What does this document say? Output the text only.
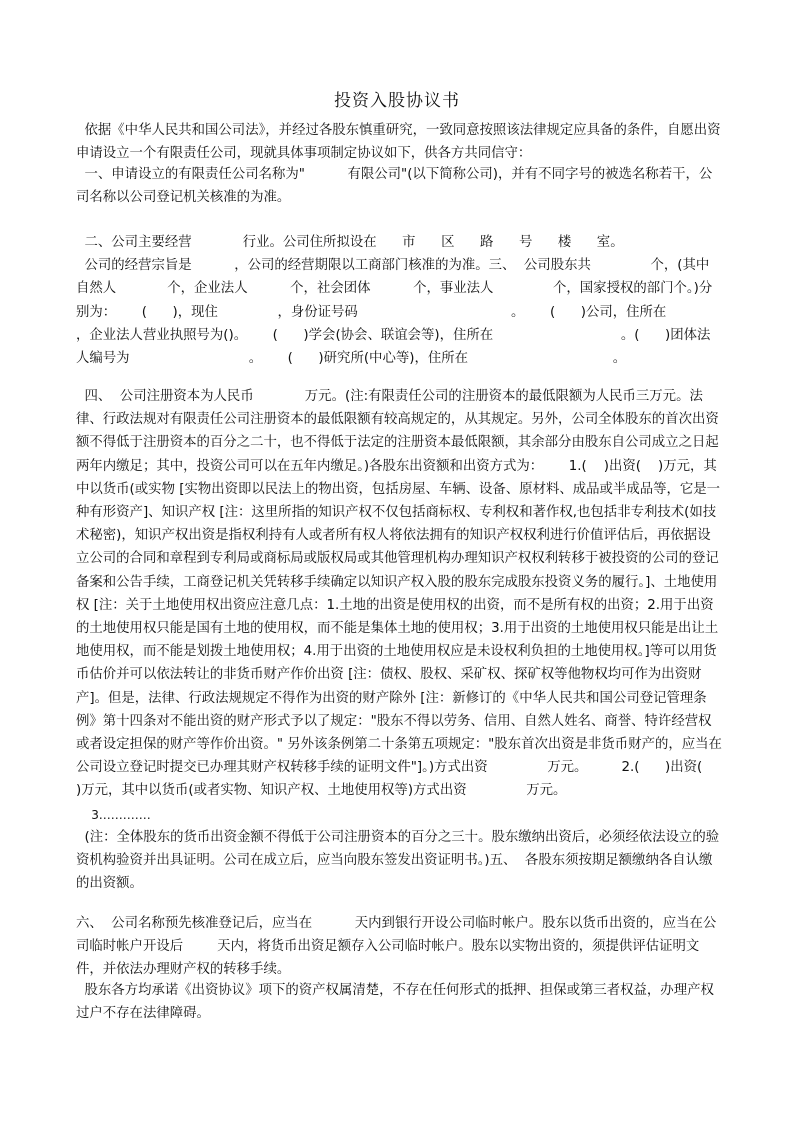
投资入股协议书

依据《中华人民共和国公司法》，并经过各股东慎重研究，一致同意按照该法律规定应具备的条件，自愿出资申请设立一个有限责任公司，现就具体事项制定协议如下，供各方共同信守：

一、申请设立的有限责任公司名称为"          有限公司"(以下简称公司)，并有不同字号的被选名称若干，公司名称以公司登记机关核准的为准。

二、公司主要经营            行业。公司住所拟设在      市      区      路      号      楼      室。
公司的经营宗旨是          ，公司的经营期限以工商部门核准的为准。三、  公司股东共              个，(其中自然人            个，企业法人          个，社会团体          个，事业法人              个，国家授权的部门个。)分别为：      (      )，现住              ，身份证号码                                    。      (      )公司，住所在              ，企业法人营业执照号为()。      (      )学会(协会、联谊会等)，住所在                              。(      )团体法人编号为                            。      (      )研究所(中心等)，住所在                                  。

四、  公司注册资本为人民币            万元。(注:有限责任公司的注册资本的最低限额为人民币三万元。法律、行政法规对有限责任公司注册资本的最低限额有较高规定的，从其规定。另外，公司全体股东的首次出资额不得低于注册资本的百分之二十，也不得低于法定的注册资本最低限额，其余部分由股东自公司成立之日起两年内缴足；其中，投资公司可以在五年内缴足。)各股东出资额和出资方式为：      1.(    )出资(    )万元，其中以货币(或实物 [实物出资即以民法上的物出资，包括房屋、车辆、设备、原材料、成品或半成品等，它是一种有形资产]、知识产权 [注：这里所指的知识产权不仅包括商标权、专利权和著作权,也包括非专利技术(如技术秘密)，知识产权出资是指权利持有人或者所有权人将依法拥有的知识产权权利进行价值评估后，再依据设立公司的合同和章程到专利局或商标局或版权局或其他管理机构办理知识产权权利转移于被投资的公司的登记备案和公告手续，工商登记机关凭转移手续确定以知识产权入股的股东完成股东投资义务的履行。]、土地使用权 [注：关于土地使用权出资应注意几点：1.土地的出资是使用权的出资，而不是所有权的出资；2.用于出资的土地使用权只能是国有土地的使用权，而不能是集体土地的使用权；3.用于出资的土地使用权只能是出让土地使用权，而不能是划拨土地使用权；4.用于出资的土地使用权应是未设权利负担的土地使用权。]等可以用货币估价并可以依法转让的非货币财产作价出资 [注：债权、股权、采矿权、探矿权等他物权均可作为出资财产]。但是，法律、行政法规规定不得作为出资的财产除外 [注：新修订的《中华人民共和国公司登记管理条例》第十四条对不能出资的财产形式予以了规定："股东不得以劳务、信用、自然人姓名、商誉、特许经营权或者设定担保的财产等作价出资。" 另外该条例第二十条第五项规定："股东首次出资是非货币财产的，应当在公司设立登记时提交已办理其财产权转移手续的证明文件"]。)方式出资              万元。        2.(      )出资(    )万元，其中以货币(或者实物、知识产权、土地使用权等)方式出资              万元。

3.…………

(注：全体股东的货币出资金额不得低于公司注册资本的百分之三十。股东缴纳出资后，必须经依法设立的验资机构验资并出具证明。公司在成立后，应当向股东签发出资证明书。)五、  各股东须按期足额缴纳各自认缴的出资额。

六、  公司名称预先核准登记后，应当在          天内到银行开设公司临时帐户。股东以货币出资的，应当在公司临时帐户开设后        天内，将货币出资足额存入公司临时帐户。股东以实物出资的，须提供评估证明文件，并依法办理财产权的转移手续。

股东各方均承诺《出资协议》项下的资产权属清楚，不存在任何形式的抵押、担保或第三者权益，办理产权过户不存在法律障碍。
